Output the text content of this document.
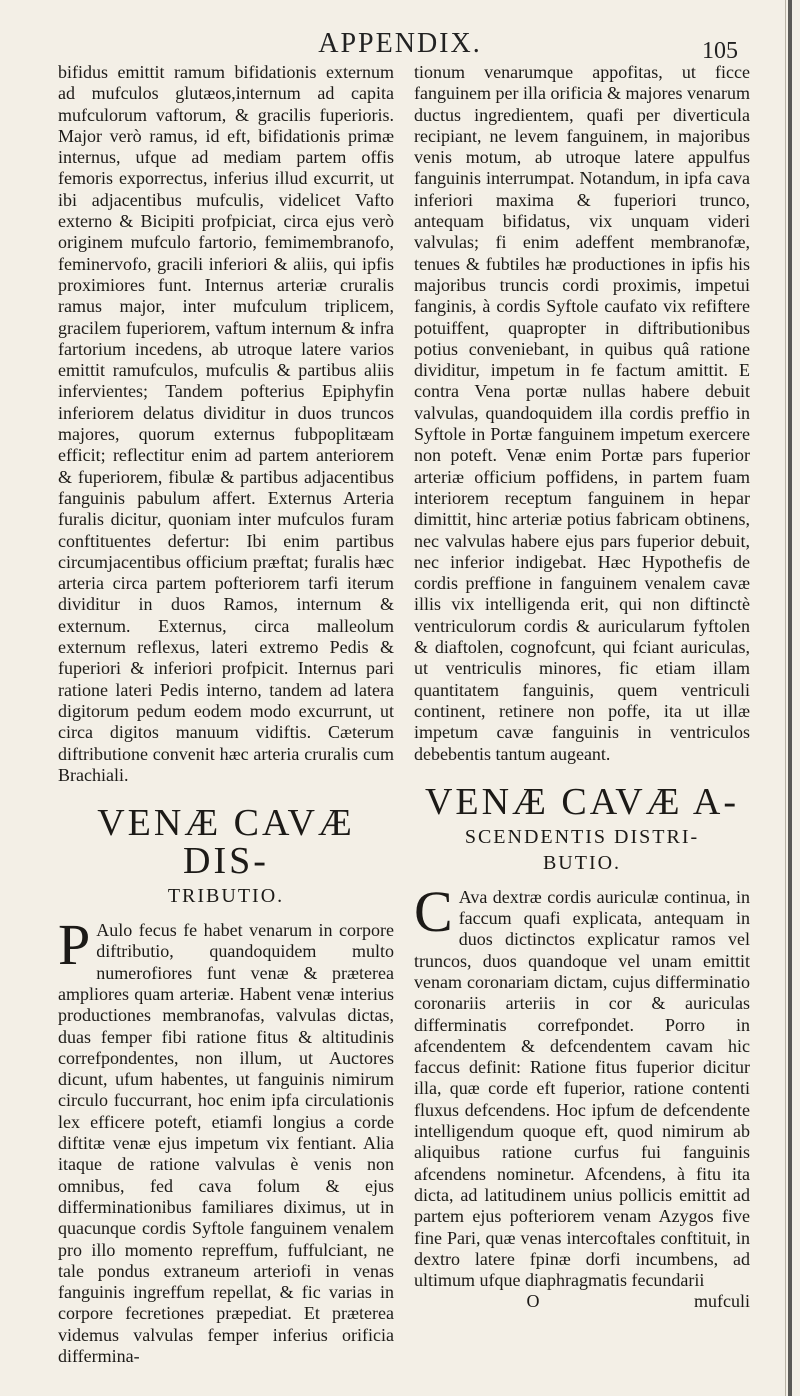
APPENDIX.	105

bifidus emittit ramum bifidationis externum ad mufculos glutæos,internum ad capita mufculorum vaftorum, & gracilis fuperioris. Major verò ramus, id eft, bifidationis primæ internus, ufque ad mediam partem offis femoris exporrectus, inferius illud excurrit, ut ibi adjacentibus mufculis, videlicet Vafto externo & Bicipiti profpiciat, circa ejus verò originem mufculo fartorio, femimembranofo, feminervofo, gracili inferiori & aliis, qui ipfis proximiores funt. Internus arteriæ cruralis ramus major, inter mufculum triplicem, gracilem fuperiorem, vaftum internum & infra fartorium incedens, ab utroque latere varios emittit ramufculos, mufculis & partibus aliis infervientes; Tandem pofterius Epiphyfin inferiorem delatus dividitur in duos truncos majores, quorum externus fubpoplitæam efficit; reflectitur enim ad partem anteriorem & fuperiorem, fibulæ & partibus adjacentibus fanguinis pabulum affert. Externus Arteria furalis dicitur, quoniam inter mufculos furam conftituentes defertur: Ibi enim partibus circumjacentibus officium præftat; furalis hæc arteria circa partem pofteriorem tarfi iterum dividitur in duos Ramos, internum & externum. Externus, circa malleolum externum reflexus, lateri extremo Pedis & fuperiori & inferiori profpicit. Internus pari ratione lateri Pedis interno, tandem ad latera digitorum pedum eodem modo excurrunt, ut circa digitos manuum vidiftis. Cæterum diftributione convenit hæc arteria cruralis cum Brachiali.

VENÆ CAVÆ DIS-
TRIBUTIO.

P Aulo fecus fe habet venarum in corpore diftributio, quandoquidem multo numerofiores funt venæ & præterea ampliores quam arteriæ. Habent venæ interius productiones membranofas, valvulas dictas, duas femper fibi ratione fitus & altitudinis correfpondentes, non illum, ut Auctores dicunt, ufum habentes, ut fanguinis nimirum circulo fuccurrant, hoc enim ipfa circulationis lex efficere poteft, etiamfi longius a corde diftitæ venæ ejus impetum vix fentiant. Alia itaque de ratione valvulas è venis non omnibus, fed cava folum & ejus differminationibus familiares diximus, ut in quacunque cordis Syftole fanguinem venalem pro illo momento repreffum, fuffulciant, ne tale pondus extraneum arteriofi in venas fanguinis ingreffum repellat, & fic varias in corpore fecretiones præpediat. Et præterea videmus valvulas femper inferius orificia differmina-

tionum venarumque appofitas, ut ficce fanguinem per illa orificia & majores venarum ductus ingredientem, quafi per diverticula recipiant, ne levem fanguinem, in majoribus venis motum, ab utroque latere appulfus fanguinis interrumpat. Notandum, in ipfa cava inferiori maxima & fuperiori trunco, antequam bifidatus, vix unquam videri valvulas; fi enim adeffent membranofæ, tenues & fubtiles hæ productiones in ipfis his majoribus truncis cordi proximis, impetui fanginis, à cordis Syftole caufato vix refiftere potuiffent, quapropter in diftributionibus potius conveniebant, in quibus quâ ratione dividitur, impetum in fe factum amittit. E contra Vena portæ nullas habere debuit valvulas, quandoquidem illa cordis preffio in Syftole in Portæ fanguinem impetum exercere non poteft. Venæ enim Portæ pars fuperior arteriæ officium poffidens, in partem fuam interiorem receptum fanguinem in hepar dimittit, hinc arteriæ potius fabricam obtinens, nec valvulas habere ejus pars fuperior debuit, nec inferior indigebat. Hæc Hypothefis de cordis preffione in fanguinem venalem cavæ illis vix intelligenda erit, qui non diftinctè ventriculorum cordis & auricularum fyftolen & diaftolen, cognofcunt, qui fciant auriculas, ut ventriculis minores, fic etiam illam quantitatem fanguinis, quem ventriculi continent, retinere non poffe, ita ut illæ impetum cavæ fanguinis in ventriculos debebentis tantum augeant.

VENÆ CAVÆ A-
SCENDENTIS DISTRI-
BUTIO.

C Ava dextræ cordis auriculæ continua, in faccum quafi explicata, antequam in duos dictinctos explicatur ramos vel truncos, duos quandoque vel unam emittit venam coronariam dictam, cujus differminatio coronariis arteriis in cor & auriculas differminatis correfpondet. Porro in afcendentem & defcendentem cavam hic faccus definit: Ratione fitus fuperior dicitur illa, quæ corde eft fuperior, ratione contenti fluxus defcendens. Hoc ipfum de defcendente intelligendum quoque eft, quod nimirum ab aliquibus ratione curfus fui fanguinis afcendens nominetur. Afcendens, à fitu ita dicta, ad latitudinem unius pollicis emittit ad partem ejus pofteriorem venam Azygos five fine Pari, quæ venas intercoftales conftituit, in dextro latere fpinæ dorfi incumbens, ad ultimum ufque diaphragmatis fecundarii

O	mufculi
